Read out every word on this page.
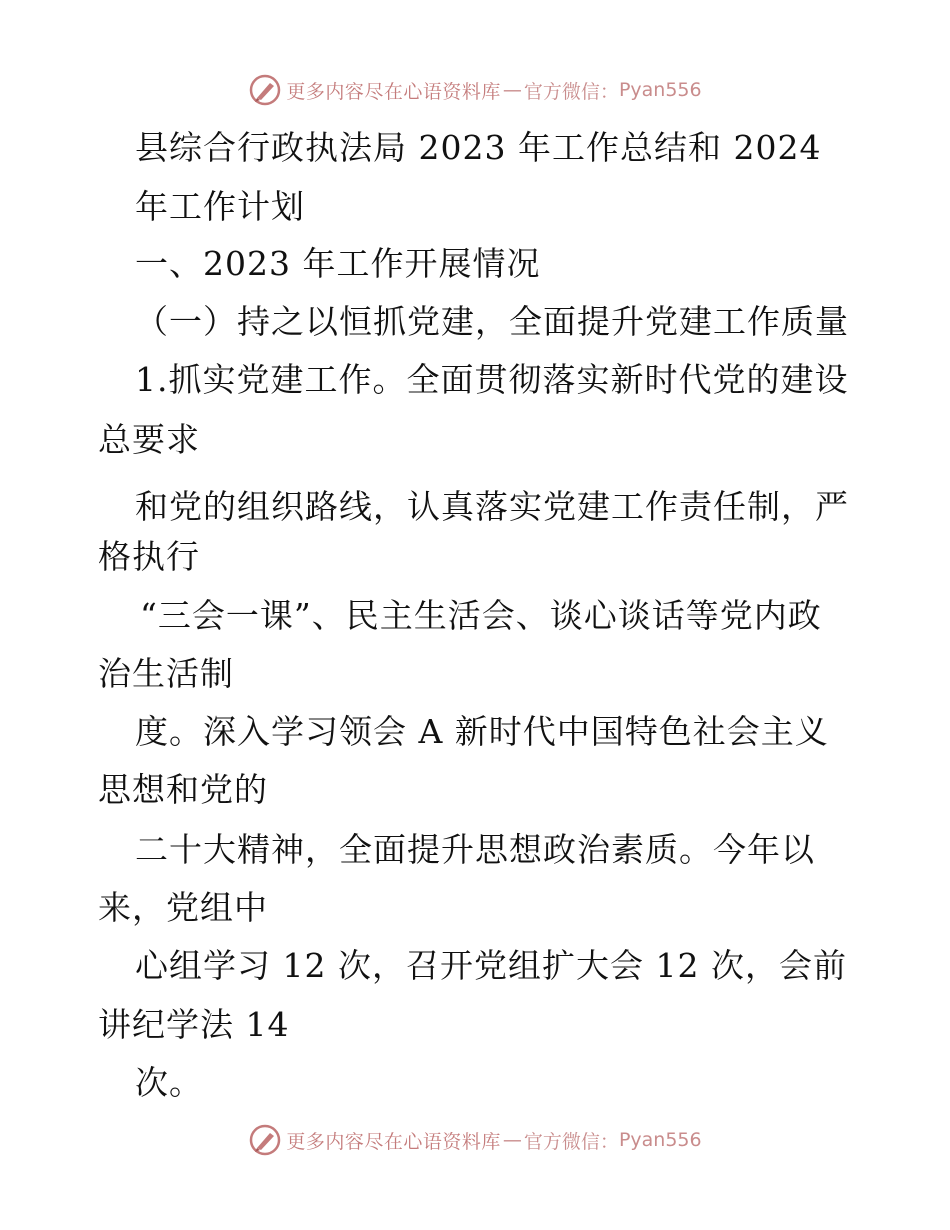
更多内容尽在心语资料库 — 官方微信： Pyan556
县综合行政执法局 2023 年工作总结和 2024
年工作计划
一、2023 年工作开展情况
（一）持之以恒抓党建，全面提升党建工作质量
1.抓实党建工作。全面贯彻落实新时代党的建设
总要求
和党的组织路线，认真落实党建工作责任制，严
格执行
“三会一课”、民主生活会、谈心谈话等党内政
治生活制
度。深入学习领会 A 新时代中国特色社会主义
思想和党的
二十大精神，全面提升思想政治素质。今年以
来，党组中
心组学习 12 次，召开党组扩大会 12 次，会前
讲纪学法 14
次。
更多内容尽在心语资料库 — 官方微信： Pyan556
